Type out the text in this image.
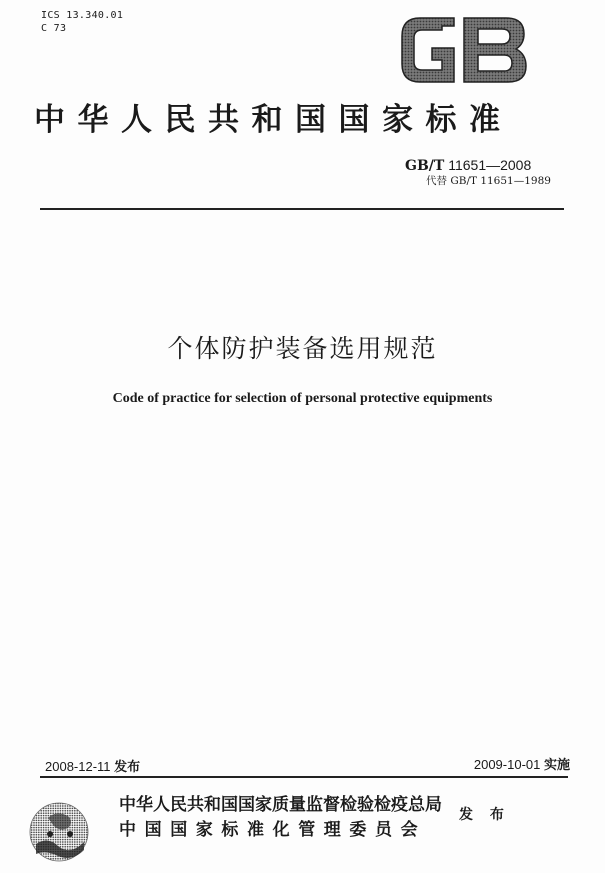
ICS 13.340.01
C 73
GB
中华人民共和国国家标准
GB/T 11651—2008
代替 GB/T 11651—1989
个体防护装备选用规范
Code of practice for selection of personal protective equipments
2008-12-11 发布	2009-10-01 实施
中华人民共和国国家质量监督检验检疫总局
中国国家标准化管理委员会
发 布
